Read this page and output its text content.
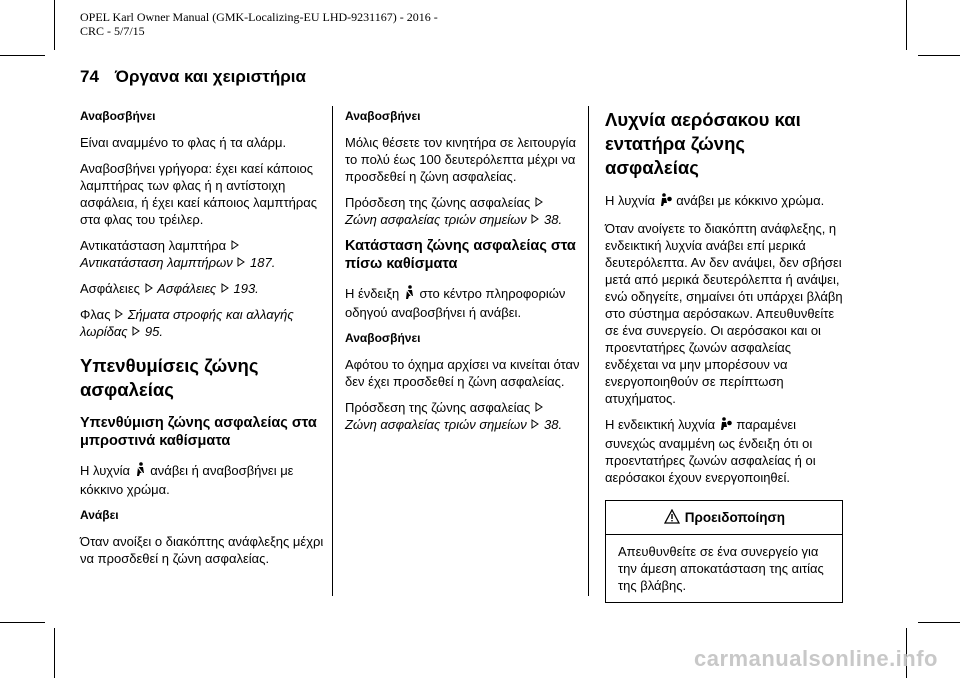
OPEL Karl Owner Manual (GMK-Localizing-EU LHD-9231167) - 2016 -
CRC - 5/7/15
74 Όργανα και χειριστήρια
Αναβοσβήνει

Είναι αναμμένο το φλας ή τα αλάρμ.

Αναβοσβήνει γρήγορα: έχει καεί κάποιος λαμπτήρας των φλας ή η αντίστοιχη ασφάλεια, ή έχει καεί κάποιος λαμπτήρας στα φλας του τρέιλερ.

Αντικατάσταση λαμπτήρα
Αντικατάσταση λαμπτήρων 187.

Ασφάλειες Ασφάλειες 193.

Φλας Σήματα στροφής και αλλαγής λωρίδας 95.

Υπενθυμίσεις ζώνης ασφαλείας
Υπενθύμιση ζώνης ασφαλείας στα μπροστινά καθίσματα

Η λυχνία ανάβει ή αναβοσβήνει με κόκκινο χρώμα.

Ανάβει

Όταν ανοίξει ο διακόπτης ανάφλεξης μέχρι να προσδεθεί η ζώνη ασφαλείας.

Αναβοσβήνει

Μόλις θέσετε τον κινητήρα σε λειτουργία το πολύ έως 100 δευτερόλεπτα μέχρι να προσδεθεί η ζώνη ασφαλείας.

Πρόσδεση της ζώνης ασφαλείας
Ζώνη ασφαλείας τριών σημείων 38.

Κατάσταση ζώνης ασφαλείας στα πίσω καθίσματα

Η ένδειξη στο κέντρο πληροφοριών οδηγού αναβοσβήνει ή ανάβει.

Αναβοσβήνει

Αφότου το όχημα αρχίσει να κινείται όταν δεν έχει προσδεθεί η ζώνη ασφαλείας.

Πρόσδεση της ζώνης ασφαλείας
Ζώνη ασφαλείας τριών σημείων 38.

Λυχνία αερόσακου και εντατήρα ζώνης ασφαλείας

Η λυχνία ανάβει με κόκκινο χρώμα.

Όταν ανοίγετε το διακόπτη ανάφλεξης, η ενδεικτική λυχνία ανάβει επί μερικά δευτερόλεπτα. Αν δεν ανάψει, δεν σβήσει μετά από μερικά δευτερόλεπτα ή ανάψει, ενώ οδηγείτε, σημαίνει ότι υπάρχει βλάβη στο σύστημα αερόσακων. Απευθυνθείτε σε ένα συνεργείο. Οι αερόσακοι και οι προεντατήρες ζωνών ασφαλείας ενδέχεται να μην μπορέσουν να ενεργοποιηθούν σε περίπτωση ατυχήματος.

Η ενδεικτική λυχνία παραμένει συνεχώς αναμμένη ως ένδειξη ότι οι προεντατήρες ζωνών ασφαλείας ή οι αερόσακοι έχουν ενεργοποιηθεί.

Προειδοποίηση
Απευθυνθείτε σε ένα συνεργείο για την άμεση αποκατάσταση της αιτίας της βλάβης.
carmanualsonline.info
